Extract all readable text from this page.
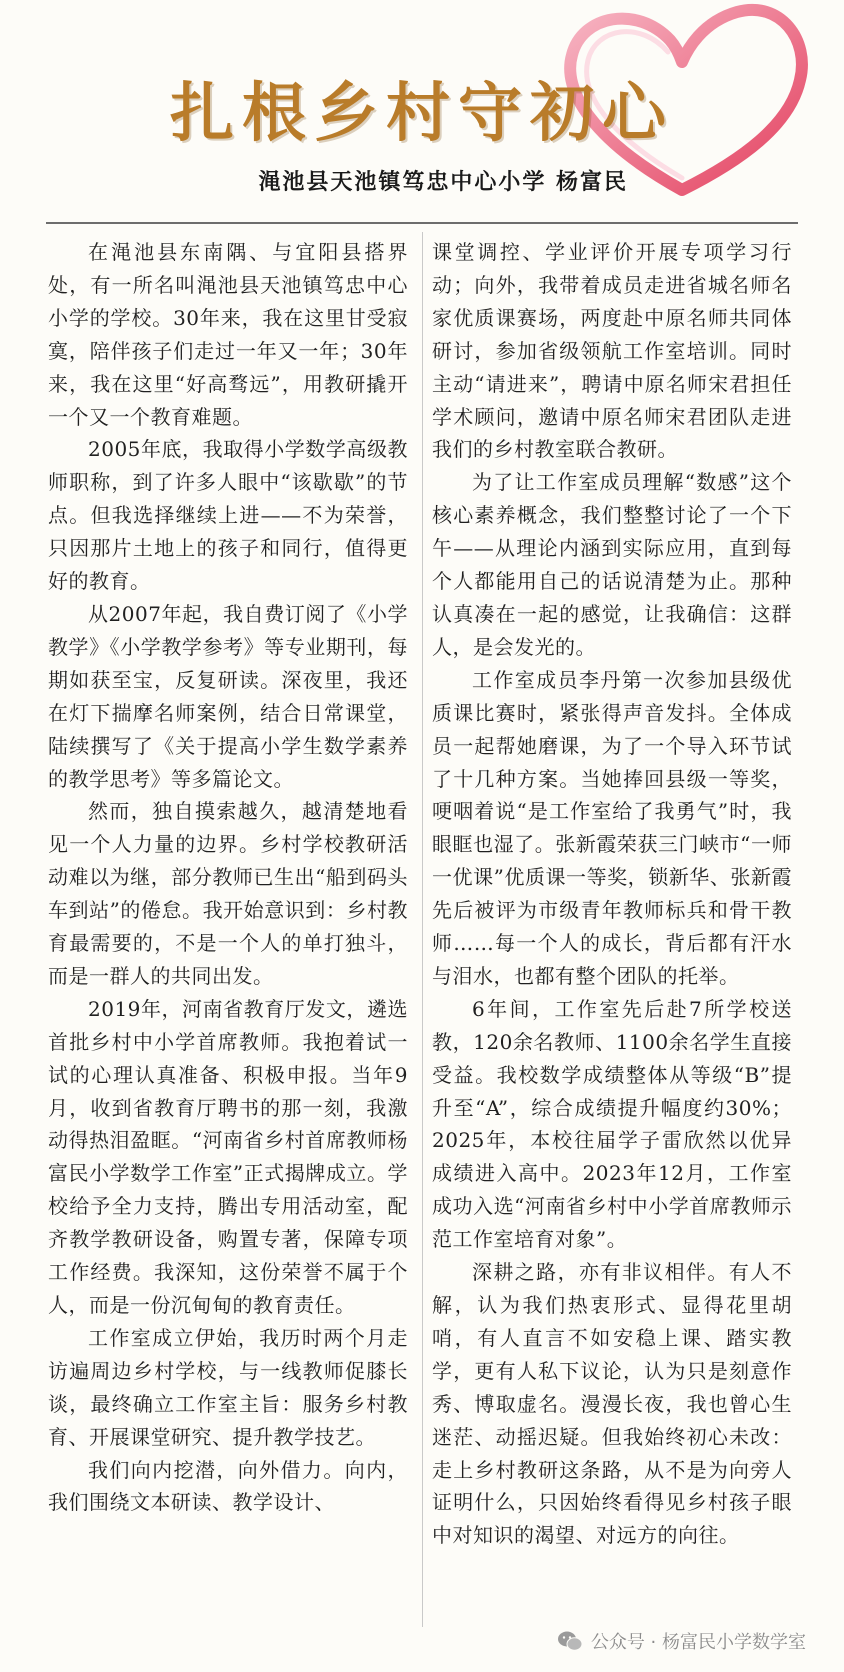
扎根乡村守初心
渑池县天池镇笃忠中心小学 杨富民

在渑池县东南隅、与宜阳县搭界处，有一所名叫渑池县天池镇笃忠中心小学的学校。30年来，我在这里甘受寂寞，陪伴孩子们走过一年又一年；30年来，我在这里“好高骛远”，用教研撬开一个又一个教育难题。

2005年底，我取得小学数学高级教师职称，到了许多人眼中“该歇歇”的节点。但我选择继续上进——不为荣誉，只因那片土地上的孩子和同行，值得更好的教育。

从2007年起，我自费订阅了《小学教学》《小学教学参考》等专业期刊，每期如获至宝，反复研读。深夜里，我还在灯下揣摩名师案例，结合日常课堂，陆续撰写了《关于提高小学生数学素养的教学思考》等多篇论文。

然而，独自摸索越久，越清楚地看见一个人力量的边界。乡村学校教研活动难以为继，部分教师已生出“船到码头车到站”的倦怠。我开始意识到：乡村教育最需要的，不是一个人的单打独斗，而是一群人的共同出发。

2019年，河南省教育厅发文，遴选首批乡村中小学首席教师。我抱着试一试的心理认真准备、积极申报。当年9月，收到省教育厅聘书的那一刻，我激动得热泪盈眶。“河南省乡村首席教师杨富民小学数学工作室”正式揭牌成立。学校给予全力支持，腾出专用活动室，配齐教学教研设备，购置专著，保障专项工作经费。我深知，这份荣誉不属于个人，而是一份沉甸甸的教育责任。

工作室成立伊始，我历时两个月走访遍周边乡村学校，与一线教师促膝长谈，最终确立工作室主旨：服务乡村教育、开展课堂研究、提升教学技艺。

我们向内挖潜，向外借力。向内，我们围绕文本研读、教学设计、

课堂调控、学业评价开展专项学习行动；向外，我带着成员走进省城名师名家优质课赛场，两度赴中原名师共同体研讨，参加省级领航工作室培训。同时主动“请进来”，聘请中原名师宋君担任学术顾问，邀请中原名师宋君团队走进我们的乡村教室联合教研。

为了让工作室成员理解“数感”这个核心素养概念，我们整整讨论了一个下午——从理论内涵到实际应用，直到每个人都能用自己的话说清楚为止。那种认真凑在一起的感觉，让我确信：这群人，是会发光的。

工作室成员李丹第一次参加县级优质课比赛时，紧张得声音发抖。全体成员一起帮她磨课，为了一个导入环节试了十几种方案。当她捧回县级一等奖，哽咽着说“是工作室给了我勇气”时，我眼眶也湿了。张新霞荣获三门峡市“一师一优课”优质课一等奖，锁新华、张新霞先后被评为市级青年教师标兵和骨干教师……每一个人的成长，背后都有汗水与泪水，也都有整个团队的托举。

6年间，工作室先后赴7所学校送教，120余名教师、1100余名学生直接受益。我校数学成绩整体从等级“B”提升至“A”，综合成绩提升幅度约30%；2025年，本校往届学子雷欣然以优异成绩进入高中。2023年12月，工作室成功入选“河南省乡村中小学首席教师示范工作室培育对象”。

深耕之路，亦有非议相伴。有人不解，认为我们热衷形式、显得花里胡哨，有人直言不如安稳上课、踏实教学，更有人私下议论，认为只是刻意作秀、博取虚名。漫漫长夜，我也曾心生迷茫、动摇迟疑。但我始终初心未改：走上乡村教研这条路，从不是为向旁人证明什么，只因始终看得见乡村孩子眼中对知识的渴望、对远方的向往。

公众号 · 杨富民小学数学室
